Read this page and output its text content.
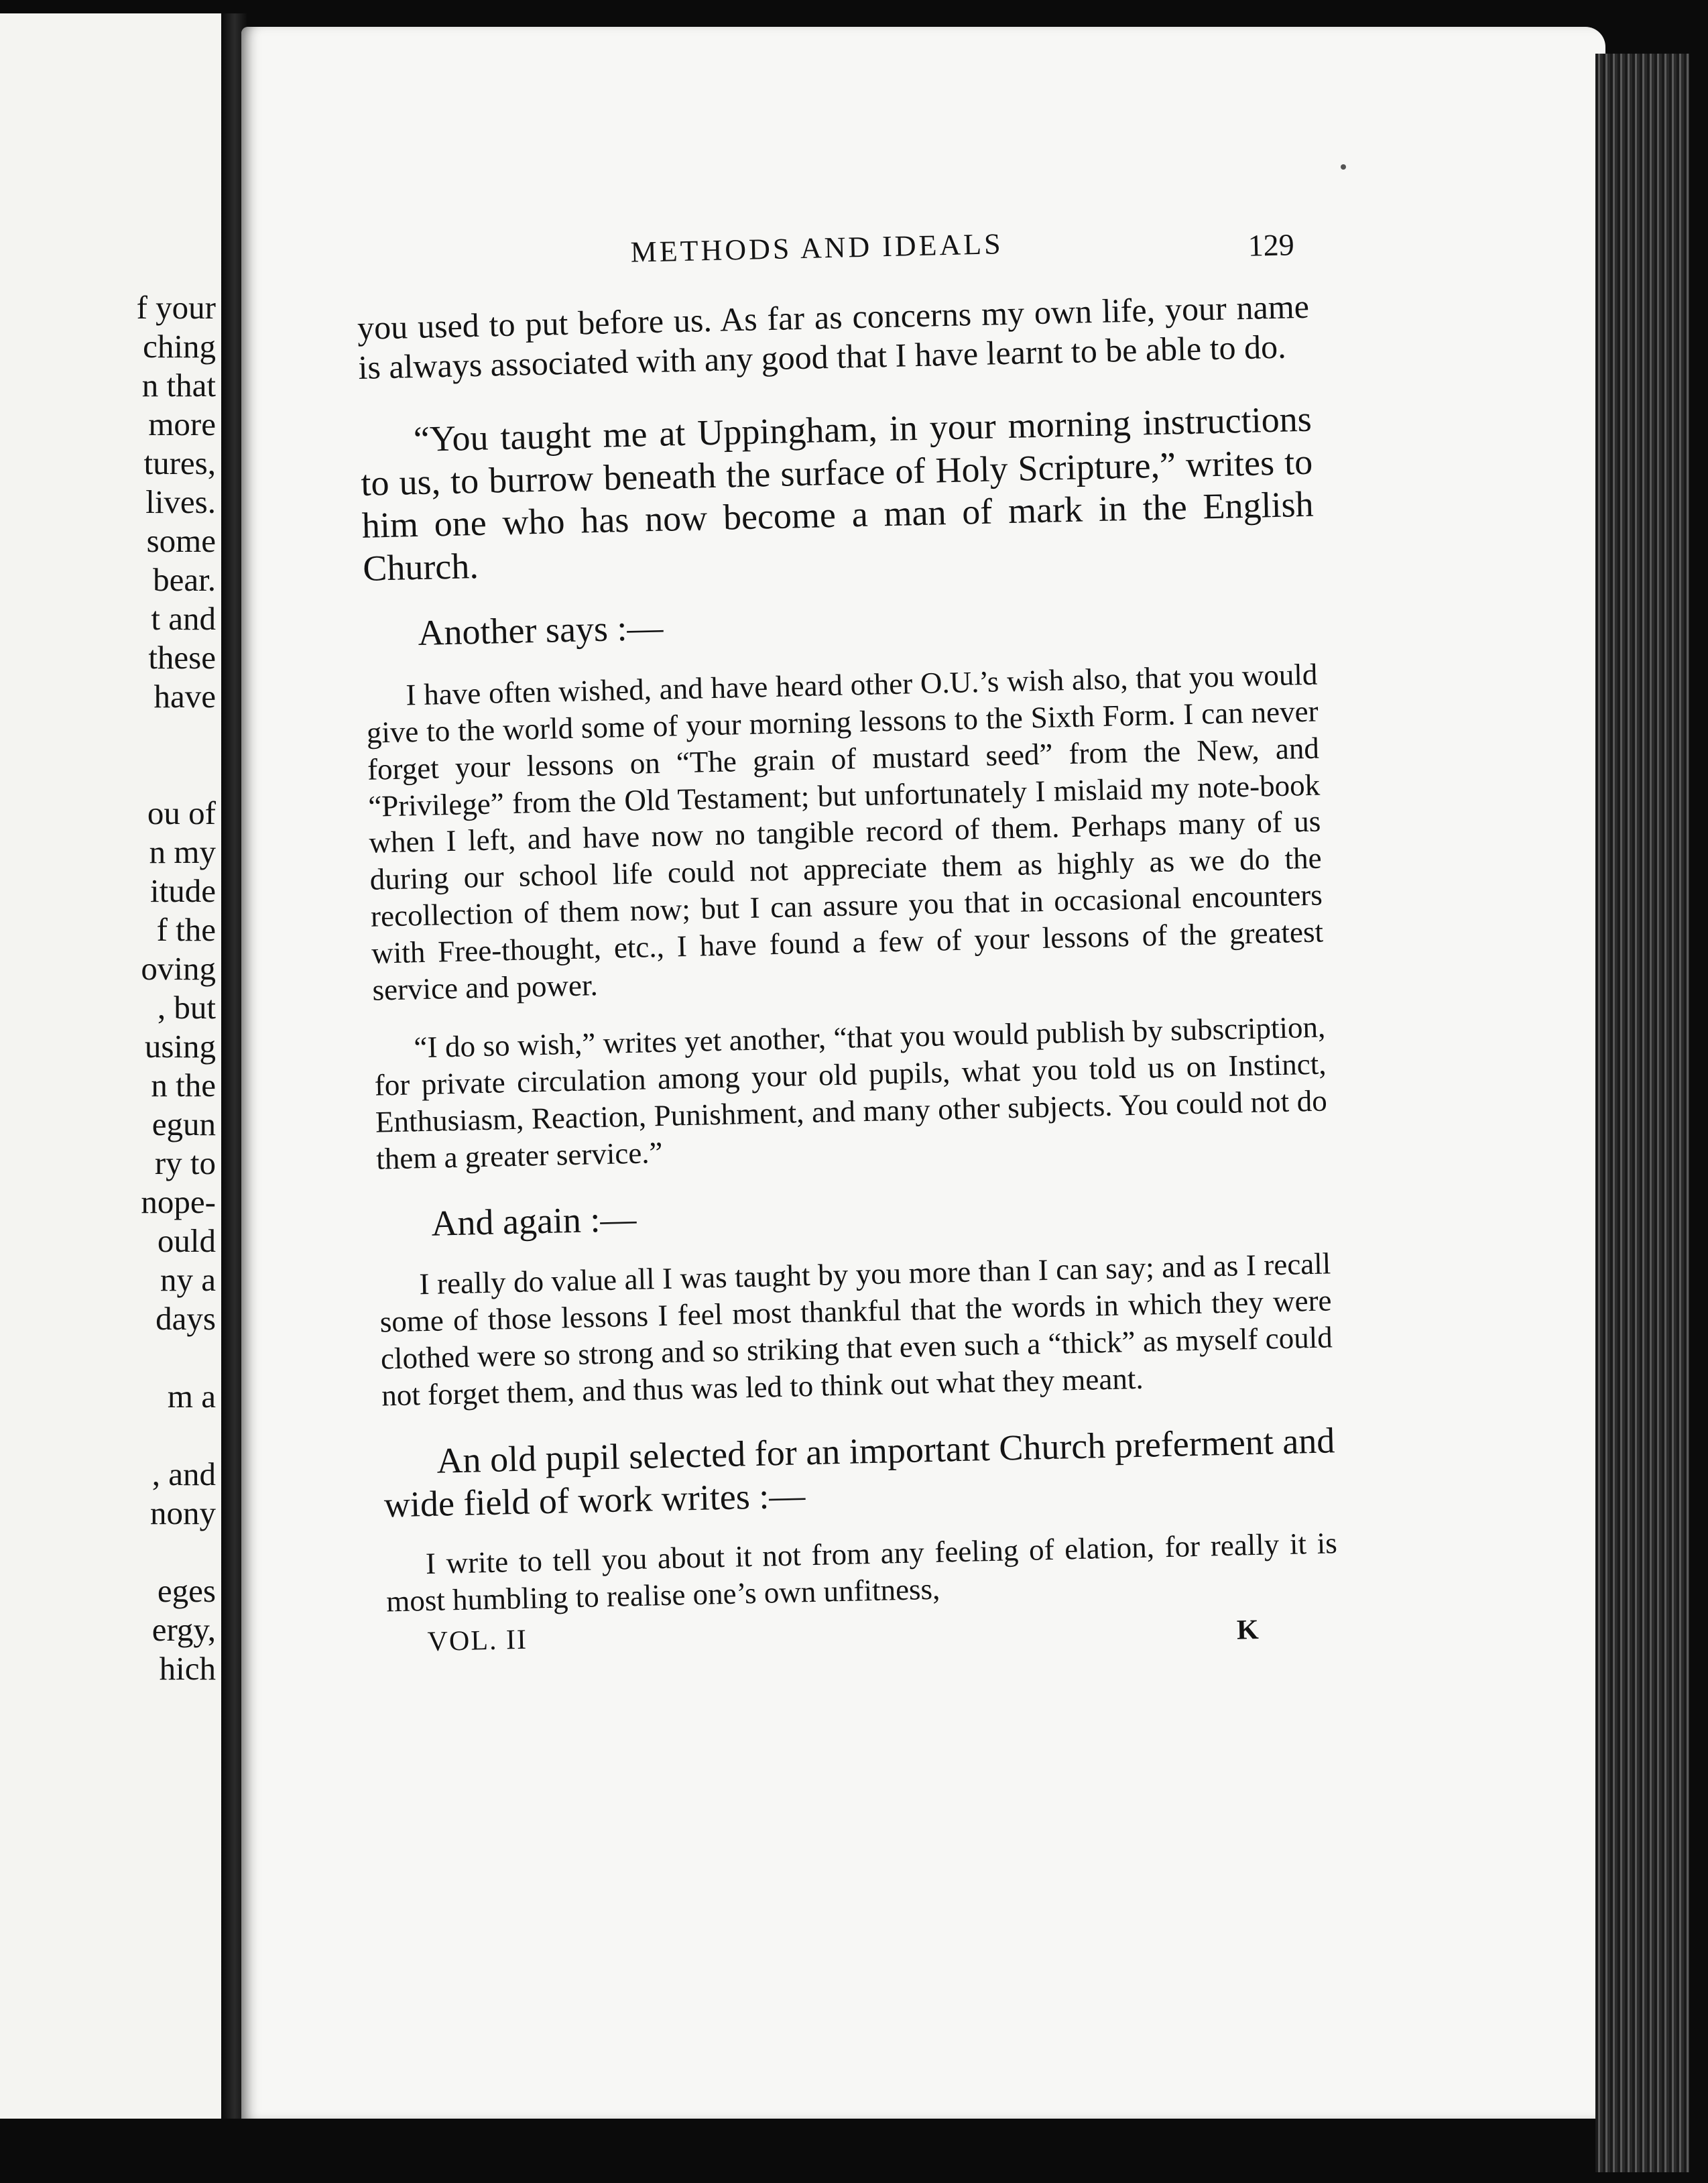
f your
ching
n that
more
tures,
lives.
some
bear.
t and
these
have
ou of
n my
itude
f the
oving
, but
using
n the
egun
ry to
nope-
ould
ny a
days
m a
, and
nony
eges
ergy,
hich
METHODS AND IDEALS	129

you used to put before us. As far as concerns my own life, your name is always associated with any good that I have learnt to be able to do.

“You taught me at Uppingham, in your morning instructions to us, to burrow beneath the surface of Holy Scripture,” writes to him one who has now become a man of mark in the English Church.

Another says :—

I have often wished, and have heard other O.U.’s wish also, that you would give to the world some of your morning lessons to the Sixth Form. I can never forget your lessons on “The grain of mustard seed” from the New, and “Privilege” from the Old Testament; but unfortunately I mislaid my note-book when I left, and have now no tangible record of them. Perhaps many of us during our school life could not appreciate them as highly as we do the recollection of them now; but I can assure you that in occasional encounters with Free-thought, etc., I have found a few of your lessons of the greatest service and power.

“I do so wish,” writes yet another, “that you would publish by subscription, for private circulation among your old pupils, what you told us on Instinct, Enthusiasm, Reaction, Punishment, and many other subjects. You could not do them a greater service.”

And again :—

I really do value all I was taught by you more than I can say; and as I recall some of those lessons I feel most thankful that the words in which they were clothed were so strong and so striking that even such a “thick” as myself could not forget them, and thus was led to think out what they meant.

An old pupil selected for an important Church preferment and wide field of work writes :—

I write to tell you about it not from any feeling of elation, for really it is most humbling to realise one’s own unfitness,

VOL. II	K
